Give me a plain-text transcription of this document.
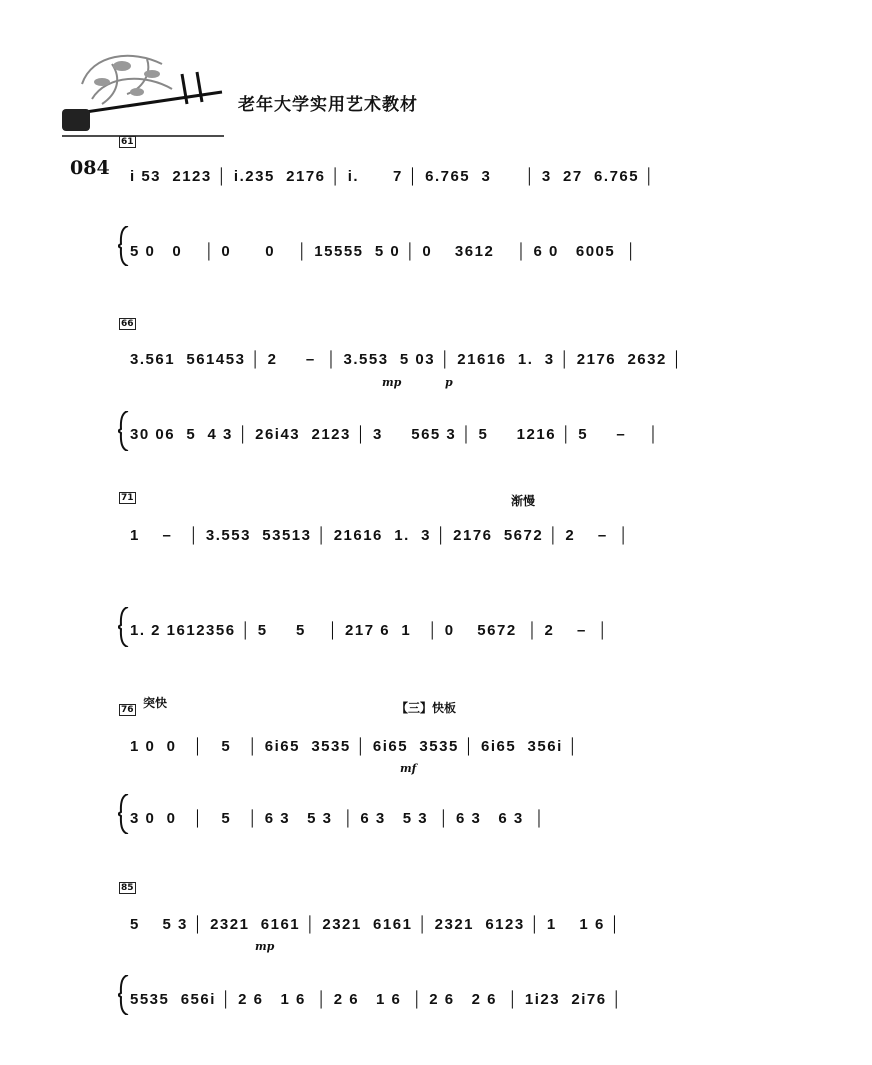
老年大学实用艺术教材
084
61
i 53  2123 │ i.235  2176 │ i.      7 │ 6.765  3      │ 3  27  6.765 │
5 0   0    │ 0      0    │ 15555  5 0 │ 0    3612    │ 6 0   6005  │
66
3.561  561453 │ 2     –  │ 3.553  5 03 │ 21616  1.  3 │ 2176  2632 │
mp	p
30 06  5  4 3 │ 26i43  2123 │ 3     565 3 │ 5     1216 │ 5     –    │
71	渐慢
1    –   │ 3.553  53513 │ 21616  1.  3 │ 2176  5672 │ 2    –  │
1. 2 1612356 │ 5     5    │ 217 6  1   │ 0    5672  │ 2    –  │
突快	【三】快板
76
1 0  0   │   5   │ 6i65  3535 │ 6i65  3535 │ 6i65  356i │
mf
3 0  0   │   5   │ 6 3   5 3  │ 6 3   5 3  │ 6 3   6 3  │
85
5    5 3 │ 2321  6161 │ 2321  6161 │ 2321  6123 │ 1    1 6 │
mp
5535  656i │ 2 6   1 6  │ 2 6   1 6  │ 2 6   2 6  │ 1i23  2i76 │
